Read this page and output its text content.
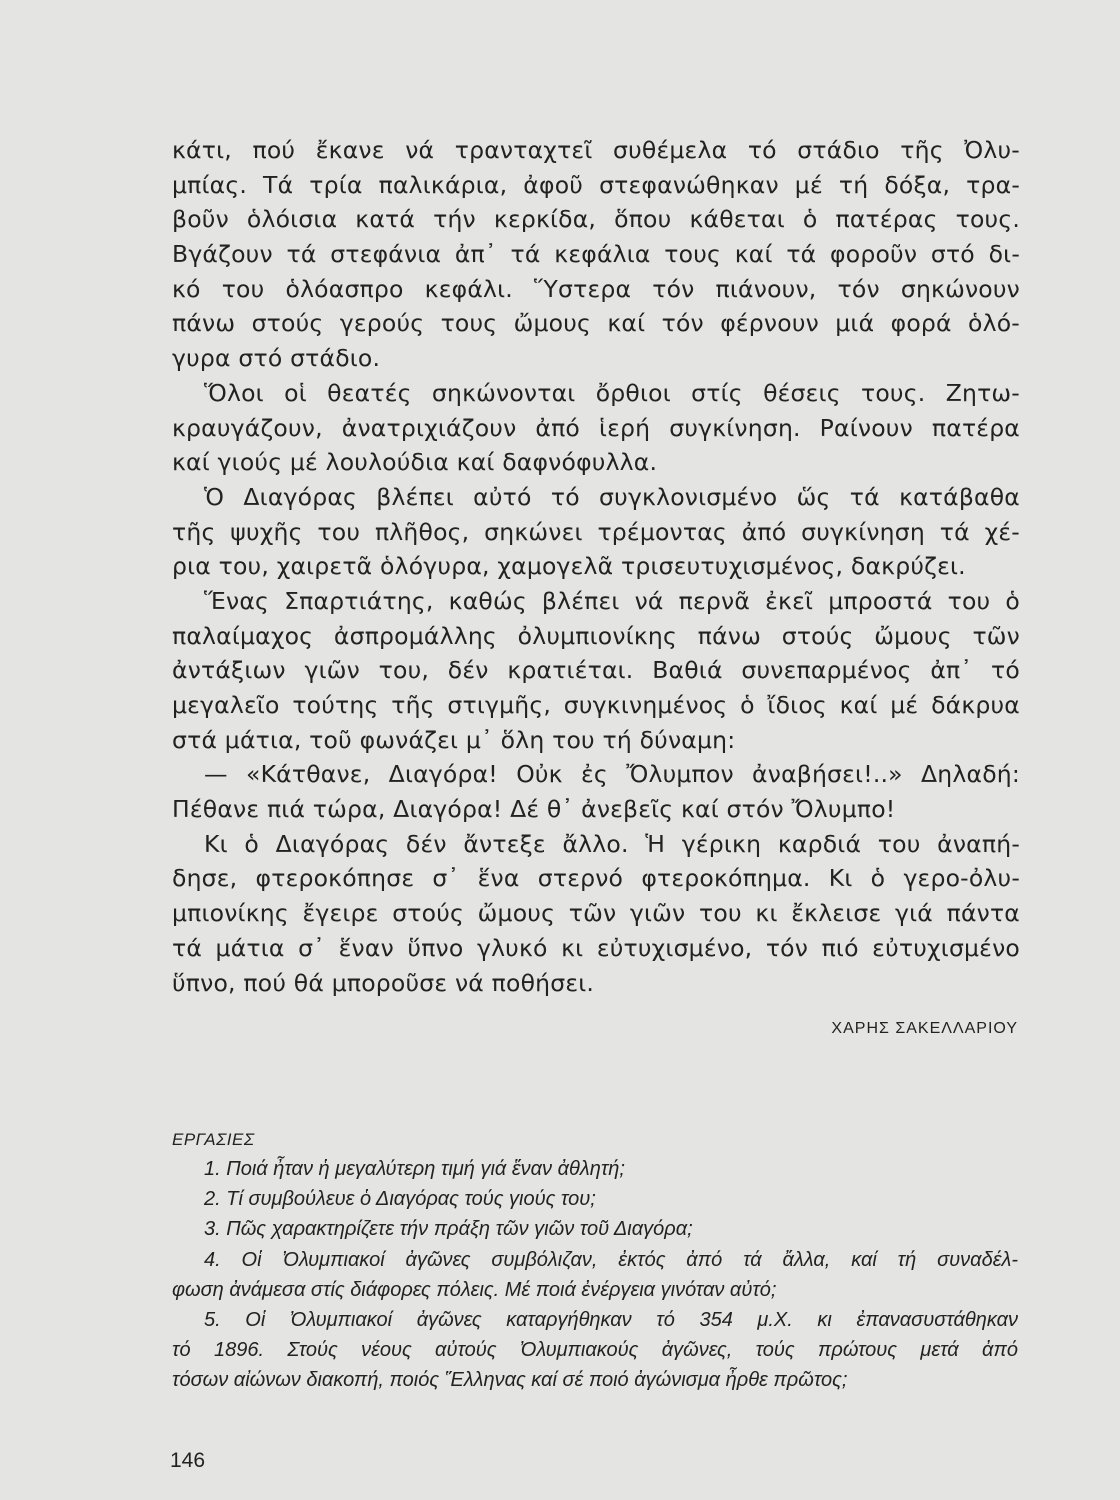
κάτι, πού ἔκανε νά τρανταχτεῖ συθέμελα τό στάδιο τῆς Ὀλυ-
μπίας. Τά τρία παλικάρια, ἀφοῦ στεφανώθηκαν μέ τή δόξα, τρα-
βοῦν ὁλόισια κατά τήν κερκίδα, ὅπου κάθεται ὁ πατέρας τους.
Βγάζουν τά στεφάνια ἀπ᾽ τά κεφάλια τους καί τά φοροῦν στό δι-
κό του ὁλόασπρο κεφάλι. Ὕστερα τόν πιάνουν, τόν σηκώνουν
πάνω στούς γερούς τους ὤμους καί τόν φέρνουν μιά φορά ὁλό-
γυρα στό στάδιο.
Ὅλοι οἱ θεατές σηκώνονται ὄρθιοι στίς θέσεις τους. Ζητω-
κραυγάζουν, ἀνατριχιάζουν ἀπό ἱερή συγκίνηση. Ραίνουν πατέρα
καί γιούς μέ λουλούδια καί δαφνόφυλλα.
Ὁ Διαγόρας βλέπει αὐτό τό συγκλονισμένο ὥς τά κατάβαθα
τῆς ψυχῆς του πλῆθος, σηκώνει τρέμοντας ἀπό συγκίνηση τά χέ-
ρια του, χαιρετᾶ ὁλόγυρα, χαμογελᾶ τρισευτυχισμένος, δακρύζει.
Ἕνας Σπαρτιάτης, καθώς βλέπει νά περνᾶ ἐκεῖ μπροστά του ὁ
παλαίμαχος ἀσπρομάλλης ὀλυμπιονίκης πάνω στούς ὤμους τῶν
ἀντάξιων γιῶν του, δέν κρατιέται. Βαθιά συνεπαρμένος ἀπ᾽ τό
μεγαλεῖο τούτης τῆς στιγμῆς, συγκινημένος ὁ ἴδιος καί μέ δάκρυα
στά μάτια, τοῦ φωνάζει μ᾽ ὅλη του τή δύναμη:
— «Κάτθανε, Διαγόρα! Οὐκ ἐς Ὄλυμπον ἀναβήσει!..» Δηλαδή:
Πέθανε πιά τώρα, Διαγόρα! Δέ θ᾽ ἀνεβεῖς καί στόν Ὄλυμπο!
Κι ὁ Διαγόρας δέν ἄντεξε ἄλλο. Ἡ γέρικη καρδιά του ἀναπή-
δησε, φτεροκόπησε σ᾽ ἕνα στερνό φτεροκόπημα. Κι ὁ γερο-ὀλυ-
μπιονίκης ἔγειρε στούς ὤμους τῶν γιῶν του κι ἔκλεισε γιά πάντα
τά μάτια σ᾽ ἕναν ὕπνο γλυκό κι εὐτυχισμένο, τόν πιό εὐτυχισμένο
ὕπνο, πού θά μποροῦσε νά ποθήσει.
ΧΑΡΗΣ ΣΑΚΕΛΛΑΡΙΟΥ
ΕΡΓΑΣΙΕΣ
1. Ποιά ἦταν ἡ μεγαλύτερη τιμή γιά ἕναν ἀθλητή;
2. Τί συμβούλευε ὁ Διαγόρας τούς γιούς του;
3. Πῶς χαρακτηρίζετε τήν πράξη τῶν γιῶν τοῦ Διαγόρα;
4. Οἱ Ὀλυμπιακοί ἀγῶνες συμβόλιζαν, ἐκτός ἀπό τά ἄλλα, καί τή συναδέλ-
φωση ἀνάμεσα στίς διάφορες πόλεις. Μέ ποιά ἐνέργεια γινόταν αὐτό;
5. Οἱ Ὀλυμπιακοί ἀγῶνες καταργήθηκαν τό 354 μ.Χ. κι ἐπανασυστάθηκαν
τό 1896. Στούς νέους αὐτούς Ὀλυμπιακούς ἀγῶνες, τούς πρώτους μετά ἀπό
τόσων αἰώνων διακοπή, ποιός Ἕλληνας καί σέ ποιό ἀγώνισμα ἦρθε πρῶτος;
146
